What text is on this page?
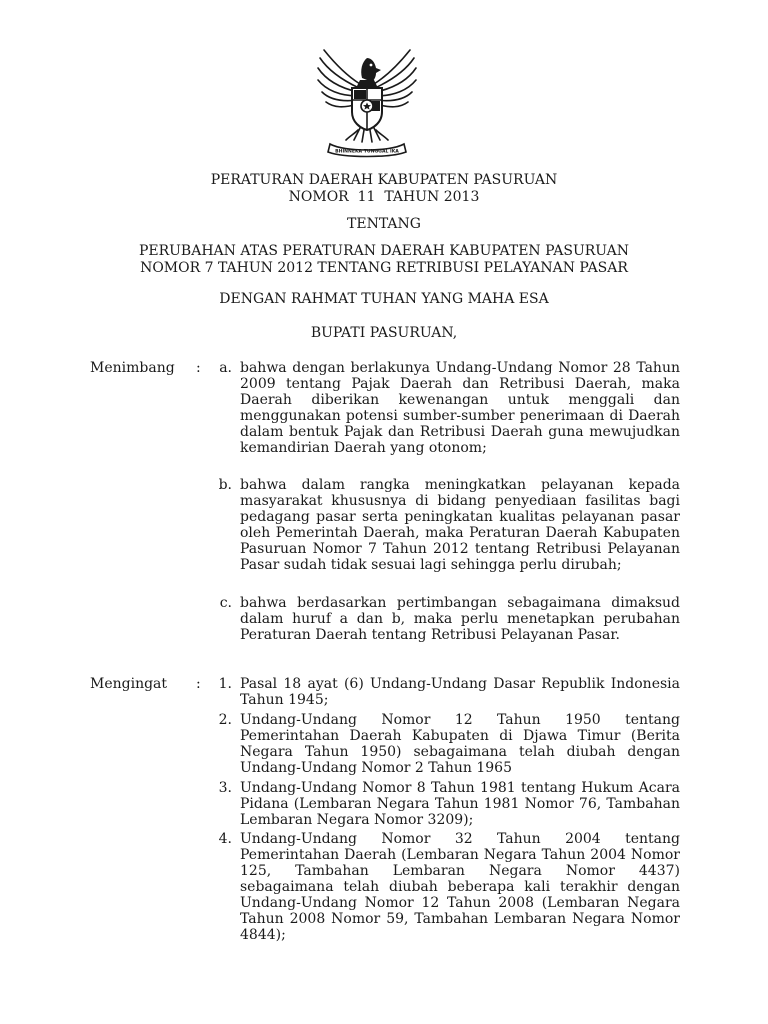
BHINNEKA TUNGGAL IKA
PERATURAN DAERAH KABUPATEN PASURUAN
NOMOR  11  TAHUN 2013
TENTANG
PERUBAHAN ATAS PERATURAN DAERAH KABUPATEN PASURUAN
NOMOR 7 TAHUN 2012 TENTANG RETRIBUSI PELAYANAN PASAR
DENGAN RAHMAT TUHAN YANG MAHA ESA
BUPATI PASURUAN,
Menimbang :	a. bahwa dengan berlakunya Undang-Undang Nomor 28 Tahun 2009 tentang Pajak Daerah dan Retribusi Daerah, maka Daerah diberikan kewenangan untuk menggali dan menggunakan potensi sumber-sumber penerimaan di Daerah dalam bentuk Pajak dan Retribusi Daerah guna mewujudkan kemandirian Daerah yang otonom;
b. bahwa dalam rangka meningkatkan pelayanan kepada masyarakat khususnya di bidang penyediaan fasilitas bagi pedagang pasar serta peningkatan kualitas pelayanan pasar oleh Pemerintah Daerah, maka Peraturan Daerah Kabupaten Pasuruan Nomor 7 Tahun 2012 tentang Retribusi Pelayanan Pasar sudah tidak sesuai lagi sehingga perlu dirubah;
c. bahwa berdasarkan pertimbangan sebagaimana dimaksud dalam huruf a dan b, maka perlu menetapkan perubahan Peraturan Daerah tentang Retribusi Pelayanan Pasar.
Mengingat :	1. Pasal 18 ayat (6) Undang-Undang Dasar Republik Indonesia Tahun 1945;
2. Undang-Undang Nomor 12 Tahun 1950 tentang Pemerintahan Daerah Kabupaten di Djawa Timur (Berita Negara Tahun 1950) sebagaimana telah diubah dengan Undang-Undang Nomor 2 Tahun 1965
3. Undang-Undang Nomor 8 Tahun 1981 tentang Hukum Acara Pidana (Lembaran Negara Tahun 1981 Nomor 76, Tambahan Lembaran Negara Nomor 3209);
4. Undang-Undang Nomor 32 Tahun 2004 tentang Pemerintahan Daerah (Lembaran Negara Tahun 2004 Nomor 125, Tambahan Lembaran Negara Nomor 4437) sebagaimana telah diubah beberapa kali terakhir dengan Undang-Undang Nomor 12 Tahun 2008 (Lembaran Negara Tahun 2008 Nomor 59, Tambahan Lembaran Negara Nomor 4844);
